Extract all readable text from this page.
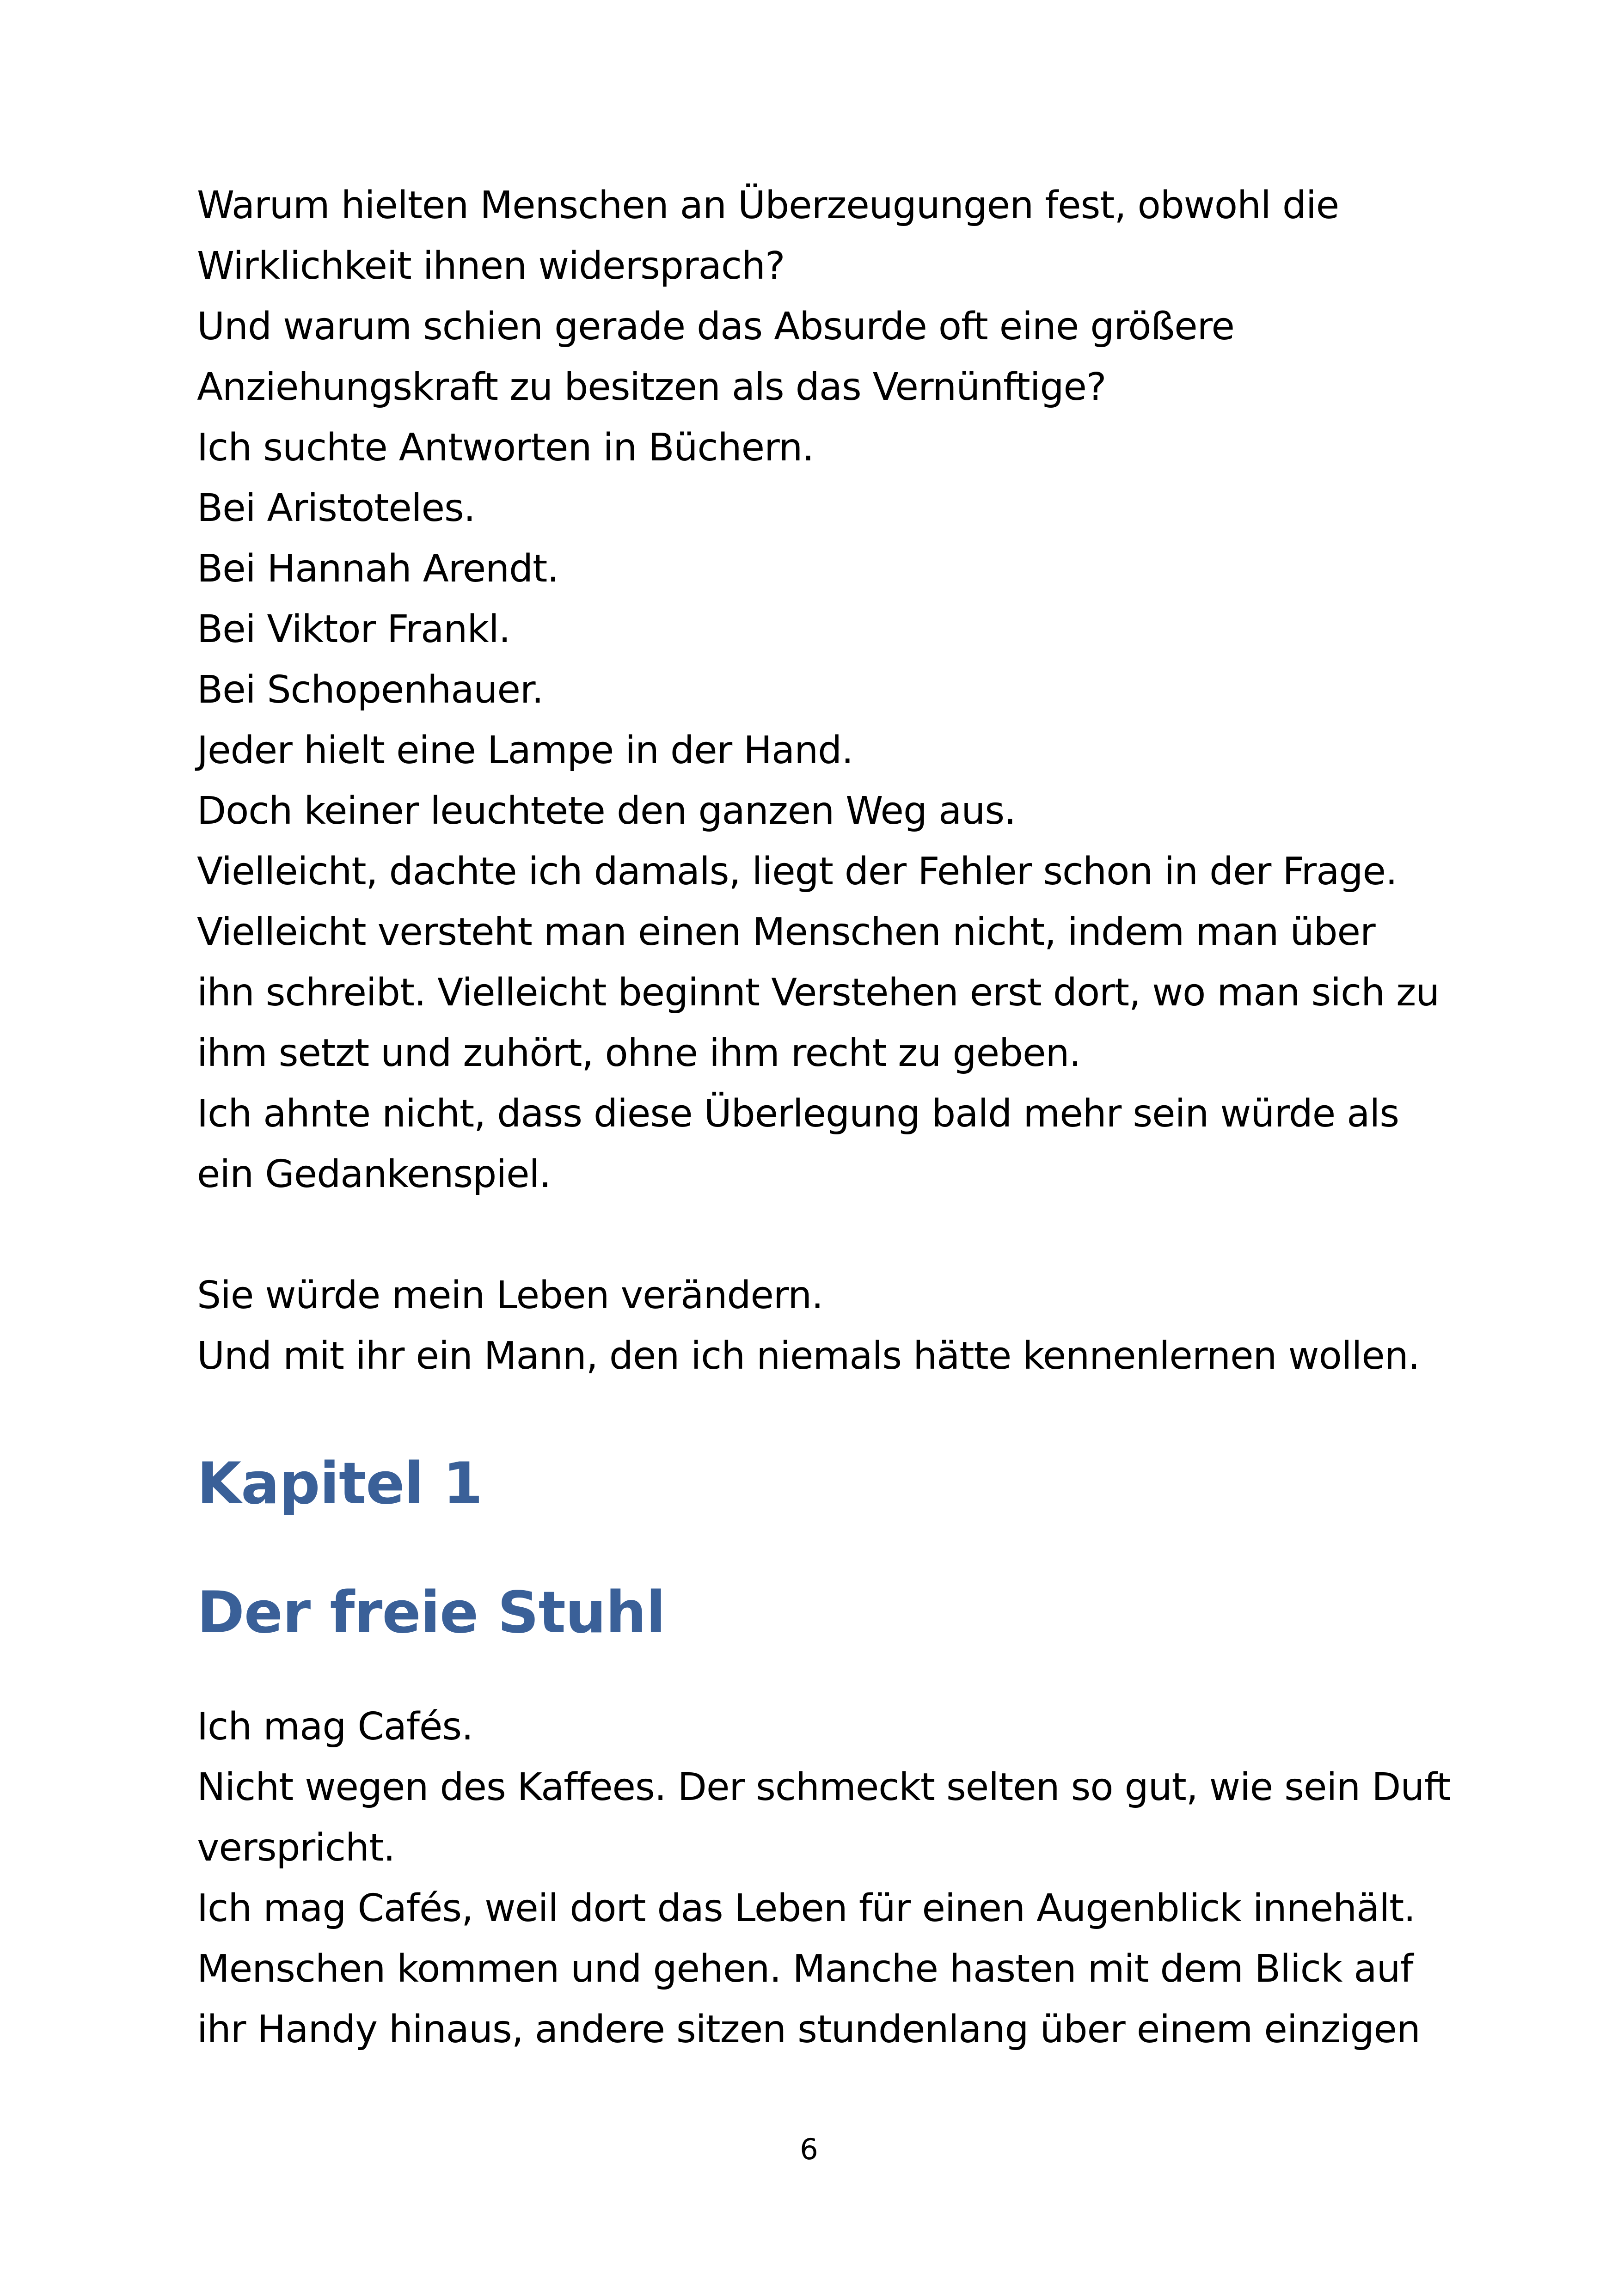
Warum hielten Menschen an Überzeugungen fest, obwohl die
Wirklichkeit ihnen widersprach?
Und warum schien gerade das Absurde oft eine größere
Anziehungskraft zu besitzen als das Vernünftige?
Ich suchte Antworten in Büchern.
Bei Aristoteles.
Bei Hannah Arendt.
Bei Viktor Frankl.
Bei Schopenhauer.
Jeder hielt eine Lampe in der Hand.
Doch keiner leuchtete den ganzen Weg aus.
Vielleicht, dachte ich damals, liegt der Fehler schon in der Frage.
Vielleicht versteht man einen Menschen nicht, indem man über
ihn schreibt. Vielleicht beginnt Verstehen erst dort, wo man sich zu
ihm setzt und zuhört, ohne ihm recht zu geben.
Ich ahnte nicht, dass diese Überlegung bald mehr sein würde als
ein Gedankenspiel.
Sie würde mein Leben verändern.
Und mit ihr ein Mann, den ich niemals hätte kennenlernen wollen.
Kapitel 1
Der freie Stuhl
Ich mag Cafés.
Nicht wegen des Kaffees. Der schmeckt selten so gut, wie sein Duft
verspricht.
Ich mag Cafés, weil dort das Leben für einen Augenblick innehält.
Menschen kommen und gehen. Manche hasten mit dem Blick auf
ihr Handy hinaus, andere sitzen stundenlang über einem einzigen
6
